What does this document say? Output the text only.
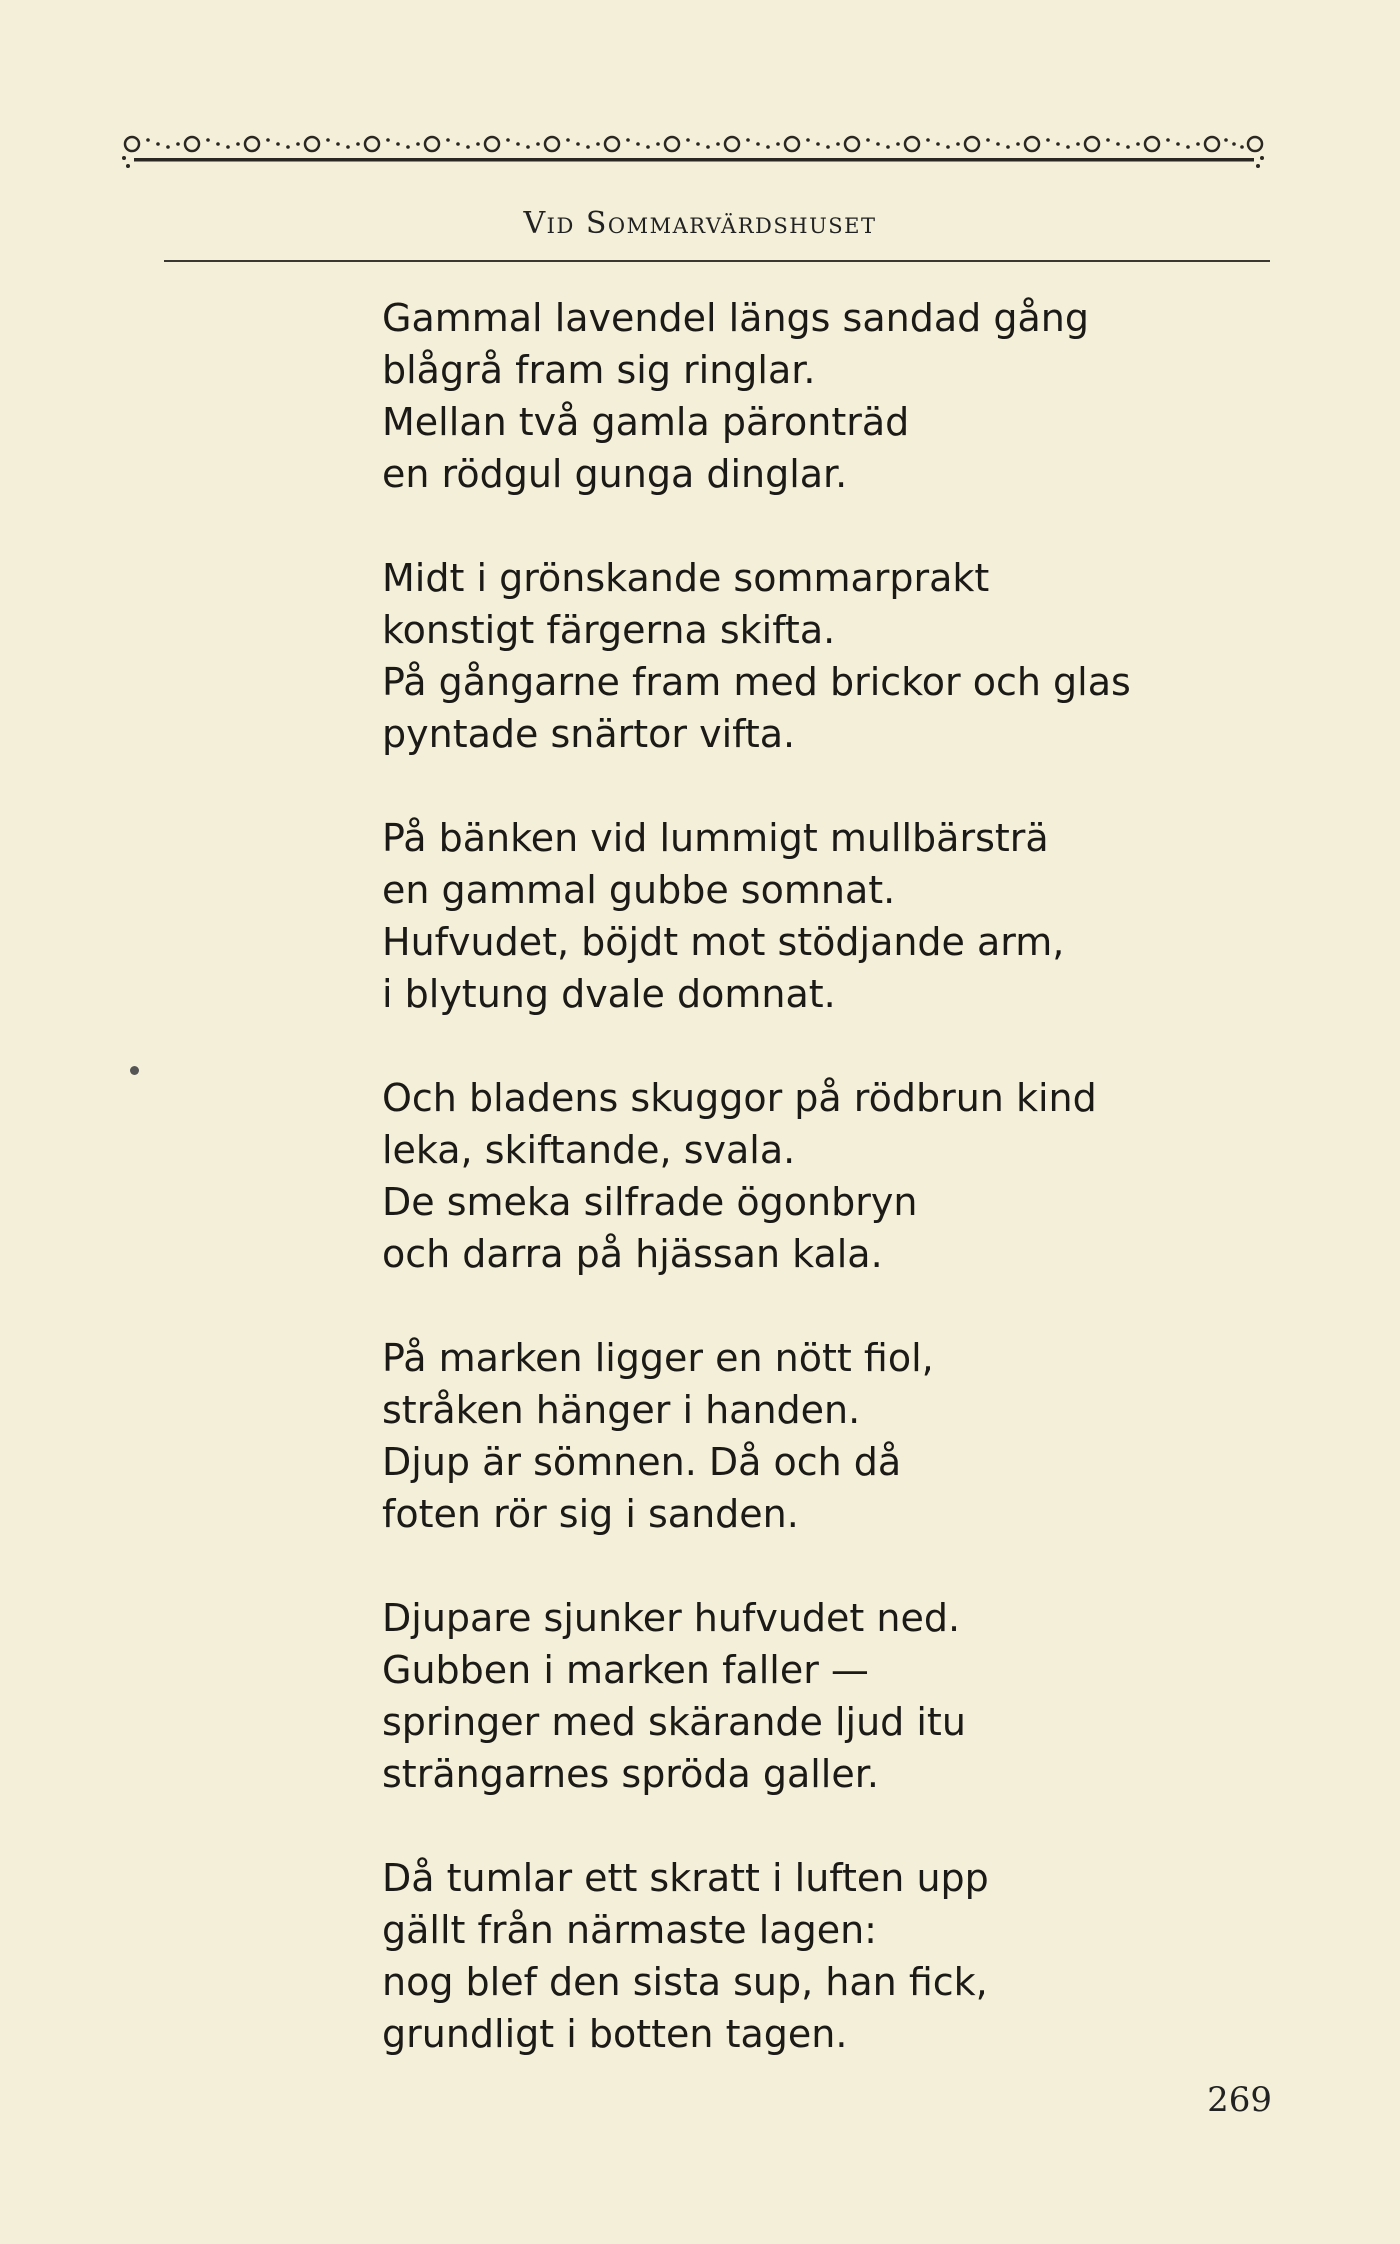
Vid Sommarvärdshuset
Gammal lavendel längs sandad gång
blågrå fram sig ringlar.
Mellan två gamla päronträd
en rödgul gunga dinglar.
Midt i grönskande sommarprakt
konstigt färgerna skifta.
På gångarne fram med brickor och glas
pyntade snärtor vifta.
På bänken vid lummigt mullbärsträ
en gammal gubbe somnat.
Hufvudet, böjdt mot stödjande arm,
i blytung dvale domnat.
Och bladens skuggor på rödbrun kind
leka, skiftande, svala.
De smeka silfrade ögonbryn
och darra på hjässan kala.
På marken ligger en nött fiol,
stråken hänger i handen.
Djup är sömnen. Då och då
foten rör sig i sanden.
Djupare sjunker hufvudet ned.
Gubben i marken faller —
springer med skärande ljud itu
strängarnes spröda galler.
Då tumlar ett skratt i luften upp
gällt från närmaste lagen:
nog blef den sista sup, han fick,
grundligt i botten tagen.
269
